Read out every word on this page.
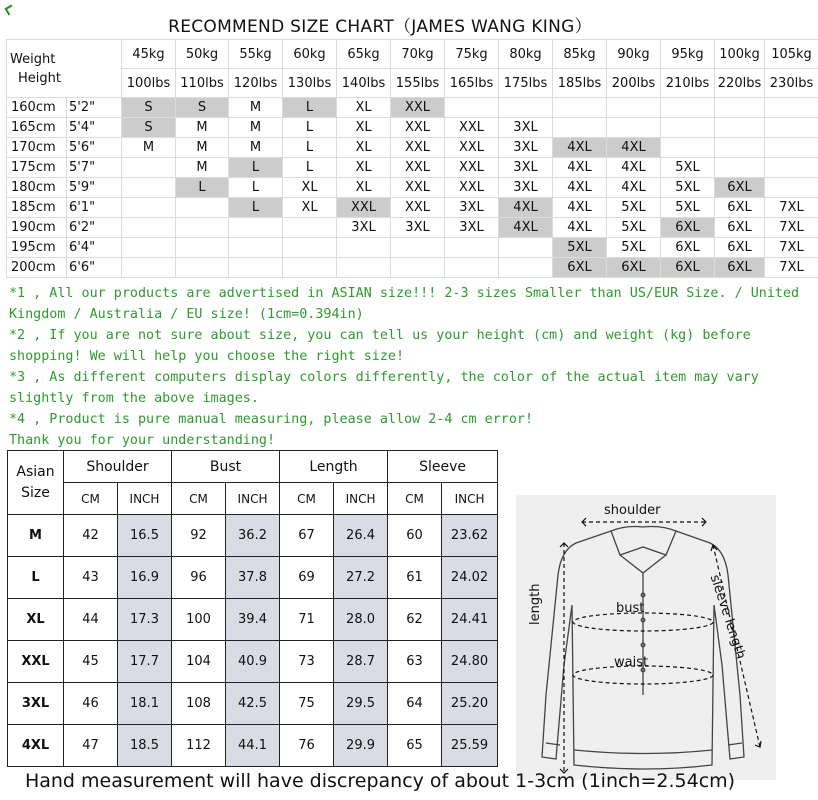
RECOMMEND SIZE CHART（JAMES WANG KING）
Weight
Height		45kg	50kg	55kg	60kg	65kg	70kg	75kg	80kg	85kg	90kg	95kg	100kg	105kg
		100lbs	110lbs	120lbs	130lbs	140lbs	155lbs	165lbs	175lbs	185lbs	200lbs	210lbs	220lbs	230lbs
160cm	5'2"	S	S	M	L	XL	XXL							
165cm	5'4"	S	M	M	L	XL	XXL	XXL	3XL					
170cm	5'6"	M	M	M	L	XL	XXL	XXL	3XL	4XL	4XL			
175cm	5'7"		M	L	L	XL	XXL	XXL	3XL	4XL	4XL	5XL		
180cm	5'9"		L	L	XL	XL	XXL	XXL	3XL	4XL	4XL	5XL	6XL	
185cm	6'1"			L	XL	XXL	XXL	3XL	4XL	4XL	5XL	5XL	6XL	7XL
190cm	6'2"					3XL	3XL	3XL	4XL	4XL	5XL	6XL	6XL	7XL
195cm	6'4"									5XL	5XL	6XL	6XL	7XL
200cm	6'6"									6XL	6XL	6XL	6XL	7XL

*1 , All our products are advertised in ASIAN size!!! 2-3 sizes Smaller than US/EUR Size. / United Kingdom / Australia / EU size! (1cm=0.394in)

*2 , If you are not sure about size, you can tell us your height (cm) and weight (kg) before shopping! We will help you choose the right size!

*3 , As different computers display colors differently, the color of the actual item may vary slightly from the above images.

*4 , Product is pure manual measuring, please allow 2-4 cm error!

Thank you for your understanding!

Asian
Size	Shoulder		Bust		Length		Sleeve	
	CM	INCH	CM	INCH	CM	INCH	CM	INCH
M	42	16.5	92	36.2	67	26.4	60	23.62
L	43	16.9	96	37.8	69	27.2	61	24.02
XL	44	17.3	100	39.4	71	28.0	62	24.41
XXL	45	17.7	104	40.9	73	28.7	63	24.80
3XL	46	18.1	108	42.5	75	29.5	64	25.20
4XL	47	18.5	112	44.1	76	29.9	65	25.59
shoulder
bust
waist
length	sleeve length
Hand measurement will have discrepancy of about 1-3cm (1inch=2.54cm)
